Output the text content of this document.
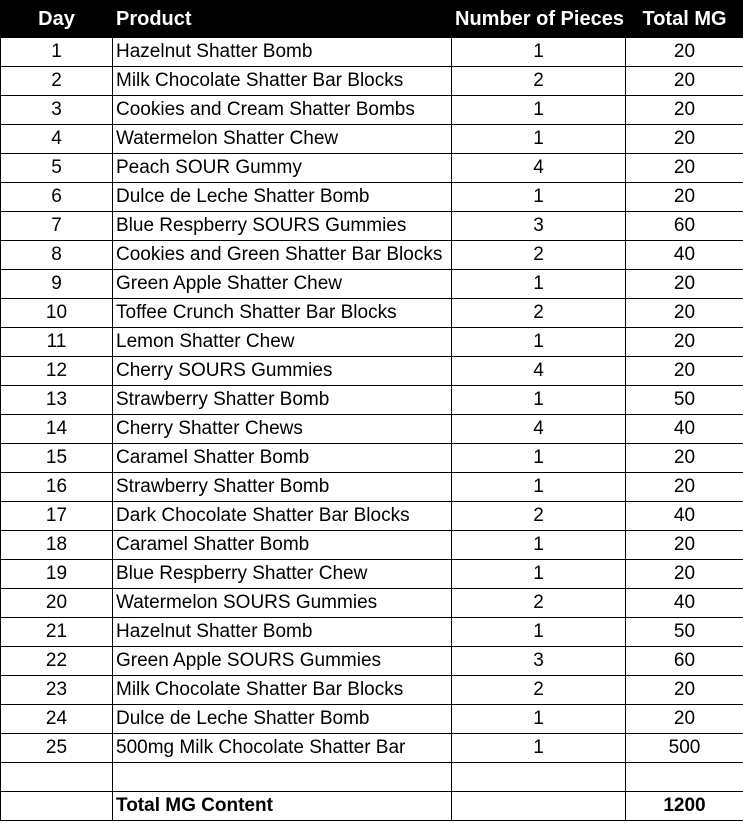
Day	Product	Number of Pieces	Total MG
1	Hazelnut Shatter Bomb	1	20
2	Milk Chocolate Shatter Bar Blocks	2	20
3	Cookies and Cream Shatter Bombs	1	20
4	Watermelon Shatter Chew	1	20
5	Peach SOUR Gummy	4	20
6	Dulce de Leche Shatter Bomb	1	20
7	Blue Respberry SOURS Gummies	3	60
8	Cookies and Green Shatter Bar Blocks	2	40
9	Green Apple Shatter Chew	1	20
10	Toffee Crunch Shatter Bar Blocks	2	20
11	Lemon Shatter Chew	1	20
12	Cherry SOURS Gummies	4	20
13	Strawberry Shatter Bomb	1	50
14	Cherry Shatter Chews	4	40
15	Caramel Shatter Bomb	1	20
16	Strawberry Shatter Bomb	1	20
17	Dark Chocolate Shatter Bar Blocks	2	40
18	Caramel Shatter Bomb	1	20
19	Blue Respberry Shatter Chew	1	20
20	Watermelon SOURS Gummies	2	40
21	Hazelnut Shatter Bomb	1	50
22	Green Apple SOURS Gummies	3	60
23	Milk Chocolate Shatter Bar Blocks	2	20
24	Dulce de Leche Shatter Bomb	1	20
25	500mg Milk Chocolate Shatter Bar	1	500

	Total MG Content		1200
